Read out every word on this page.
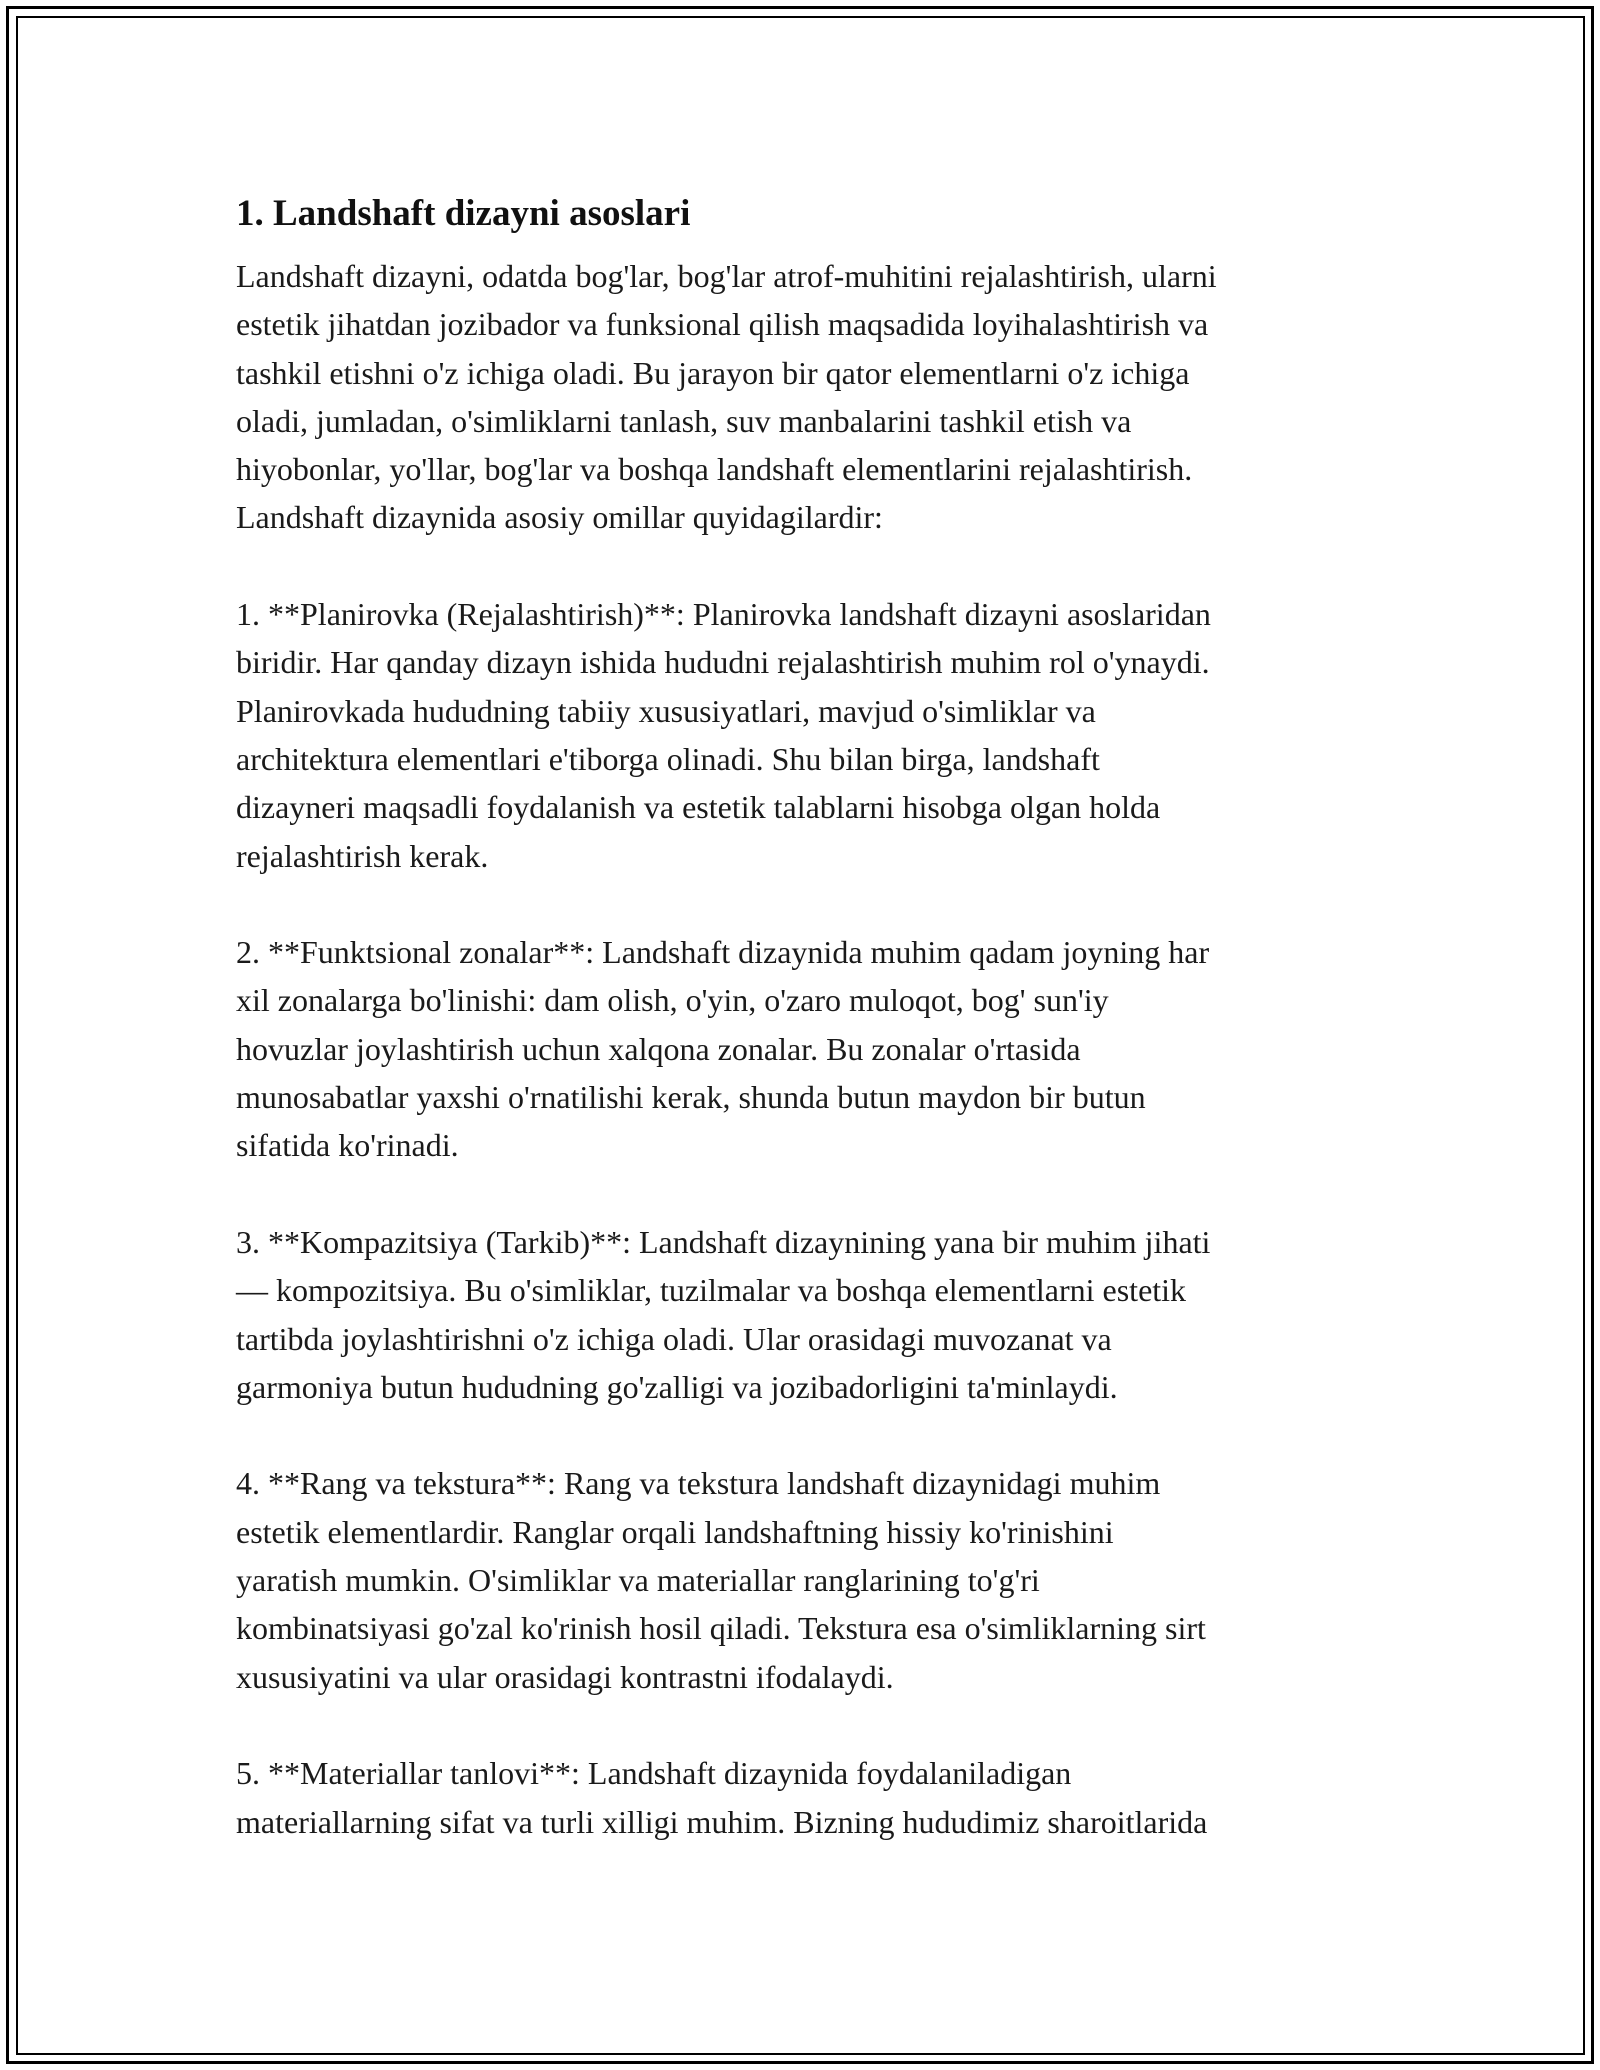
1. Landshaft dizayni asoslari

Landshaft dizayni, odatda bog'lar, bog'lar atrof-muhitini rejalashtirish, ularni
estetik jihatdan jozibador va funksional qilish maqsadida loyihalashtirish va
tashkil etishni o'z ichiga oladi. Bu jarayon bir qator elementlarni o'z ichiga
oladi, jumladan, o'simliklarni tanlash, suv manbalarini tashkil etish va
hiyobonlar, yo'llar, bog'lar va boshqa landshaft elementlarini rejalashtirish.
Landshaft dizaynida asosiy omillar quyidagilardir:

1. **Planirovka (Rejalashtirish)**: Planirovka landshaft dizayni asoslaridan
biridir. Har qanday dizayn ishida hududni rejalashtirish muhim rol o'ynaydi.
Planirovkada hududning tabiiy xususiyatlari, mavjud o'simliklar va
architektura elementlari e'tiborga olinadi. Shu bilan birga, landshaft
dizayneri maqsadli foydalanish va estetik talablarni hisobga olgan holda
rejalashtirish kerak.

2. **Funktsional zonalar**: Landshaft dizaynida muhim qadam joyning har
xil zonalarga bo'linishi: dam olish, o'yin, o'zaro muloqot, bog' sun'iy
hovuzlar joylashtirish uchun xalqona zonalar. Bu zonalar o'rtasida
munosabatlar yaxshi o'rnatilishi kerak, shunda butun maydon bir butun
sifatida ko'rinadi.

3. **Kompazitsiya (Tarkib)**: Landshaft dizaynining yana bir muhim jihati
— kompozitsiya. Bu o'simliklar, tuzilmalar va boshqa elementlarni estetik
tartibda joylashtirishni o'z ichiga oladi. Ular orasidagi muvozanat va
garmoniya butun hududning go'zalligi va jozibadorligini ta'minlaydi.

4. **Rang va tekstura**: Rang va tekstura landshaft dizaynidagi muhim
estetik elementlardir. Ranglar orqali landshaftning hissiy ko'rinishini
yaratish mumkin. O'simliklar va materiallar ranglarining to'g'ri
kombinatsiyasi go'zal ko'rinish hosil qiladi. Tekstura esa o'simliklarning sirt
xususiyatini va ular orasidagi kontrastni ifodalaydi.

5. **Materiallar tanlovi**: Landshaft dizaynida foydalaniladigan
materiallarning sifat va turli xilligi muhim. Bizning hududimiz sharoitlarida
